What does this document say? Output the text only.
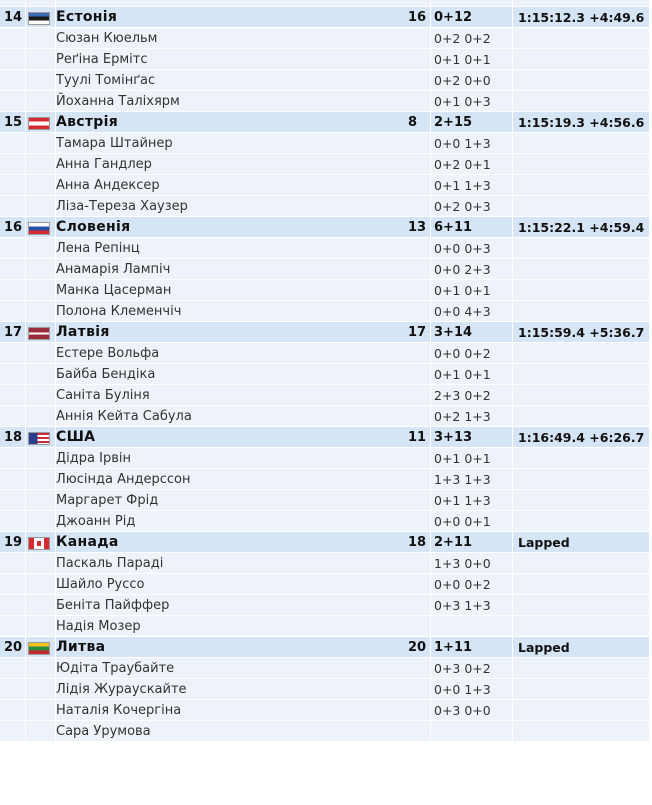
14		Естонія	16	0+12	1:15:12.3 +4:49.6
		Сюзан Кюельм		0+2 0+2	
		Реґіна Ермітс		0+1 0+1	
		Туулі Томінґас		0+2 0+0	
		Йоханна Таліхярм		0+1 0+3	
15		Австрія	8	2+15	1:15:19.3 +4:56.6
		Тамара Штайнер		0+0 1+3	
		Анна Гандлер		0+2 0+1	
		Анна Андексер		0+1 1+3	
		Ліза-Тереза Хаузер		0+2 0+3	
16		Словенія	13	6+11	1:15:22.1 +4:59.4
		Лена Репінц		0+0 0+3	
		Анамарія Лампіч		0+0 2+3	
		Манка Цасерман		0+1 0+1	
		Полона Клеменчіч		0+0 4+3	
17		Латвія	17	3+14	1:15:59.4 +5:36.7
		Естере Вольфа		0+0 0+2	
		Байба Бендіка		0+1 0+1	
		Саніта Буліня		2+3 0+2	
		Аннія Кейта Сабула		0+2 1+3	
18		США	11	3+13	1:16:49.4 +6:26.7
		Дідра Ірвін		0+1 0+1	
		Люсінда Андерссон		1+3 1+3	
		Маргарет Фрід		0+1 1+3	
		Джоанн Рід		0+0 0+1	
19		Канада	18	2+11	Lapped
		Паскаль Параді		1+3 0+0	
		Шайло Руссо		0+0 0+2	
		Беніта Пайффер		0+3 1+3	
		Надія Мозер			
20		Литва	20	1+11	Lapped
		Юдіта Траубайте		0+3 0+2	
		Лідія Жураускайте		0+0 1+3	
		Наталія Кочергіна		0+3 0+0	
		Сара Урумова			
